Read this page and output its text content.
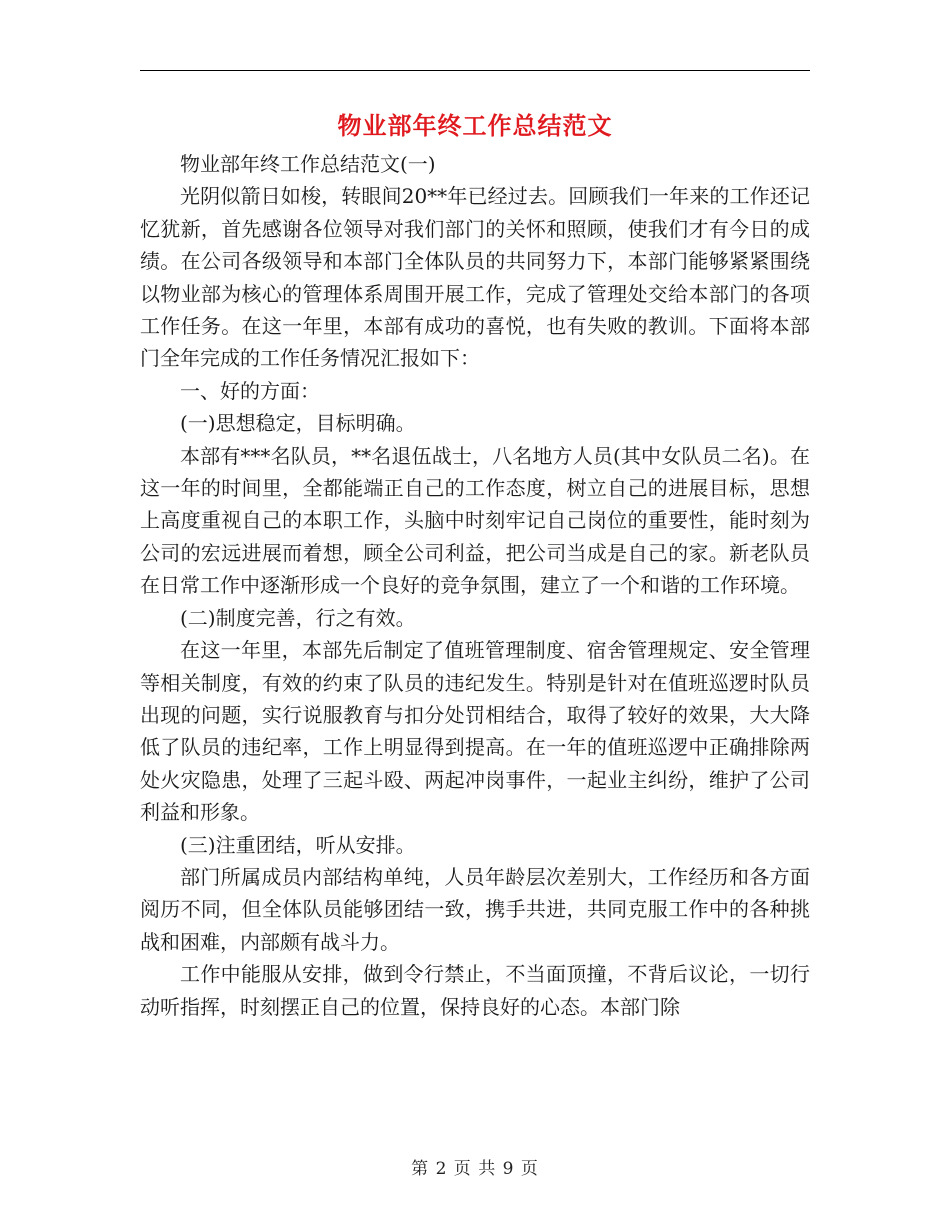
物业部年终工作总结范文

物业部年终工作总结范文(一)

光阴似箭日如梭，转眼间20**年已经过去。回顾我们一年来的工作还记忆犹新，首先感谢各位领导对我们部门的关怀和照顾，使我们才有今日的成绩。在公司各级领导和本部门全体队员的共同努力下，本部门能够紧紧围绕以物业部为核心的管理体系周围开展工作，完成了管理处交给本部门的各项工作任务。在这一年里，本部有成功的喜悦，也有失败的教训。下面将本部门全年完成的工作任务情况汇报如下：

一、好的方面：

(一)思想稳定，目标明确。

本部有***名队员，**名退伍战士，八名地方人员(其中女队员二名)。在这一年的时间里，全都能端正自己的工作态度，树立自己的进展目标，思想上高度重视自己的本职工作，头脑中时刻牢记自己岗位的重要性，能时刻为公司的宏远进展而着想，顾全公司利益，把公司当成是自己的家。新老队员在日常工作中逐渐形成一个良好的竞争氛围，建立了一个和谐的工作环境。

(二)制度完善，行之有效。

在这一年里，本部先后制定了值班管理制度、宿舍管理规定、安全管理等相关制度，有效的约束了队员的违纪发生。特别是针对在值班巡逻时队员出现的问题，实行说服教育与扣分处罚相结合，取得了较好的效果，大大降低了队员的违纪率，工作上明显得到提高。在一年的值班巡逻中正确排除两处火灾隐患，处理了三起斗殴、两起冲岗事件，一起业主纠纷，维护了公司利益和形象。

(三)注重团结，听从安排。

部门所属成员内部结构单纯，人员年龄层次差别大，工作经历和各方面阅历不同，但全体队员能够团结一致，携手共进，共同克服工作中的各种挑战和困难，内部颇有战斗力。

工作中能服从安排，做到令行禁止，不当面顶撞，不背后议论，一切行动听指挥，时刻摆正自己的位置，保持良好的心态。本部门除

第 2 页 共 9 页
